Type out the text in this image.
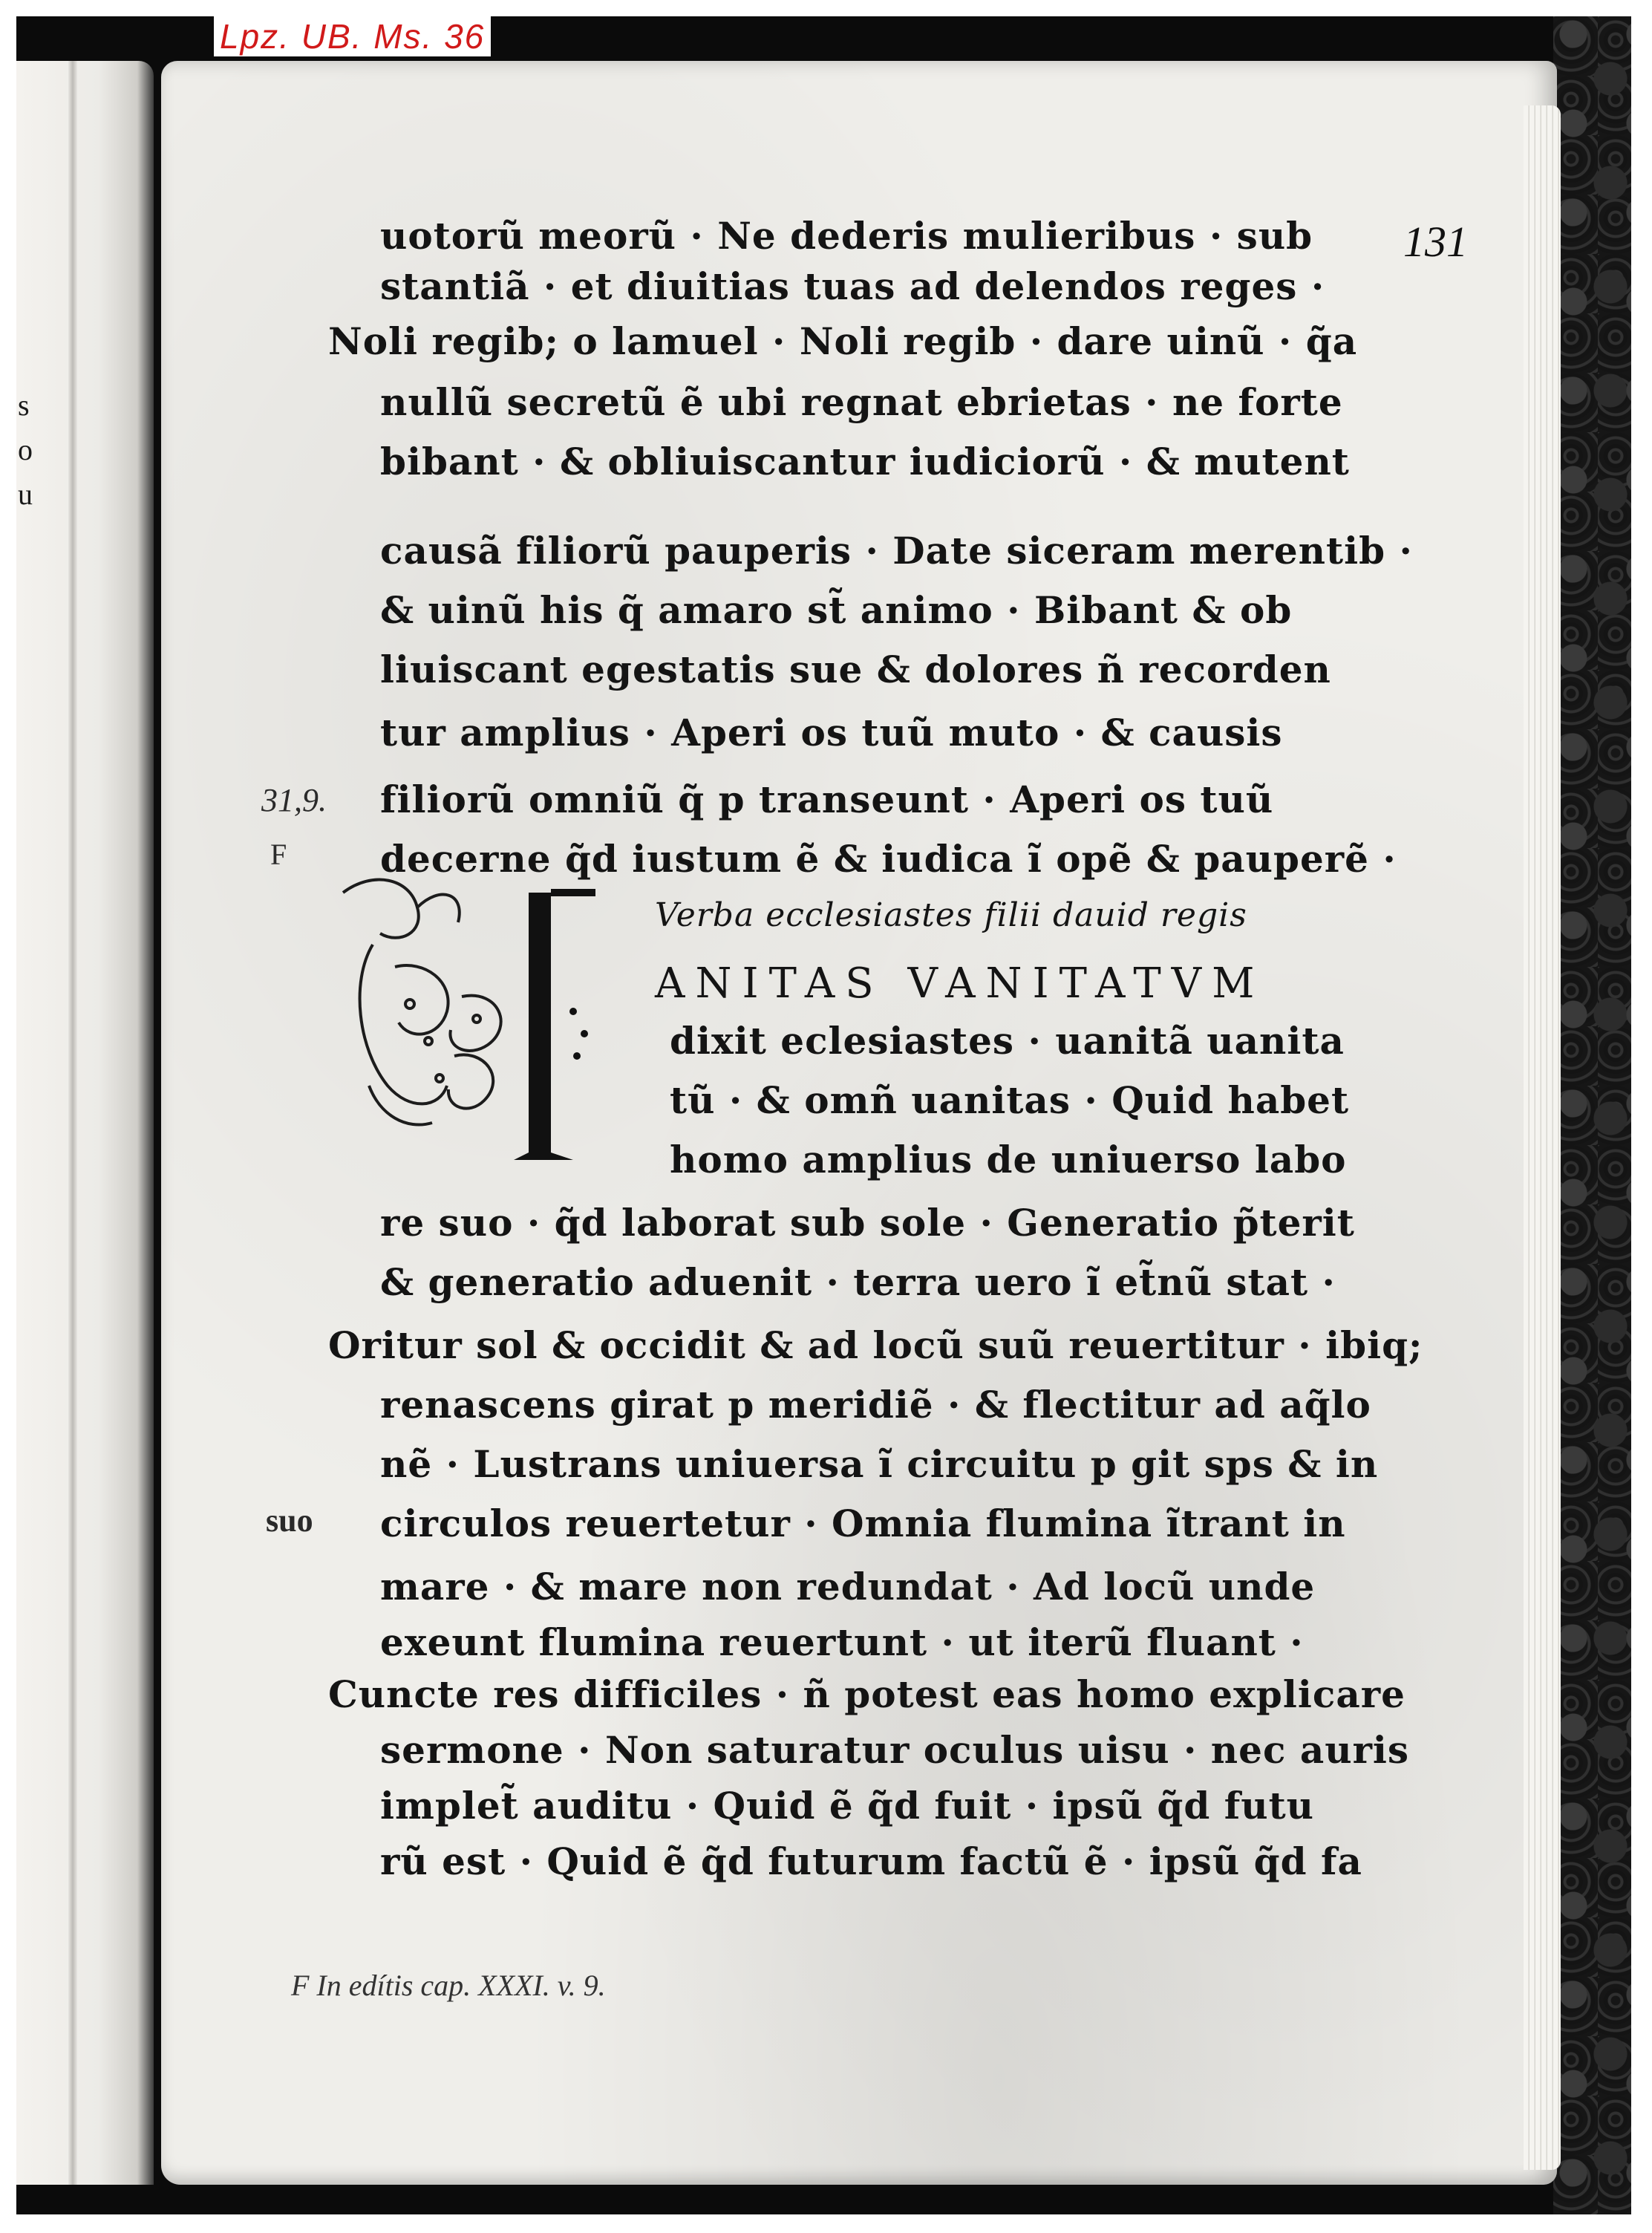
s
o
u
131
uotorũ meorũ · Ne dederis mulieribus · sub
stantiã · et diuitias tuas ad delendos reges ·
Noli regib; o lamuel · Noli regib · dare uinũ · q̃a
nullũ secretũ ẽ ubi regnat ebrietas · ne forte
bibant · & obliuiscantur iudiciorũ · & mutent
causã filiorũ pauperis · Date siceram merentib ·
& uinũ his q̃ amaro st̃ animo · Bibant & ob
liuiscant egestatis sue & dolores ñ recorden
tur amplius · Aperi os tuũ muto · & causis
filiorũ omniũ q̃ p transeunt · Aperi os tuũ
decerne q̃d iustum ẽ & iudica ĩ opẽ & pauperẽ ·
Verba ecclesiastes filii dauid regis
ANITAS VANITATVM
dixit eclesiastes · uanitã uanita
tũ · & omñ uanitas · Quid habet
homo amplius de uniuerso labo
re suo · q̃d laborat sub sole · Generatio p̃terit
& generatio aduenit · terra uero ĩ et̃nũ stat ·
Oritur sol & occidit & ad locũ suũ reuertitur · ibiq;
renascens girat p meridiẽ · & flectitur ad aq̃lo
nẽ · Lustrans uniuersa ĩ circuitu p git sps & in
circulos reuertetur · Omnia flumina ĩtrant in
mare · & mare non redundat · Ad locũ unde
exeunt flumina reuertunt · ut iterũ fluant ·
Cuncte res difficiles · ñ potest eas homo explicare
sermone · Non saturatur oculus uisu · nec auris
implet̃ auditu · Quid ẽ q̃d fuit · ipsũ q̃d futu
rũ est · Quid ẽ q̃d futurum factũ ẽ · ipsũ q̃d fa
31,9.
F
suo
F In edítis cap. XXXI. v. 9.
Lpz. UB. Ms. 36
